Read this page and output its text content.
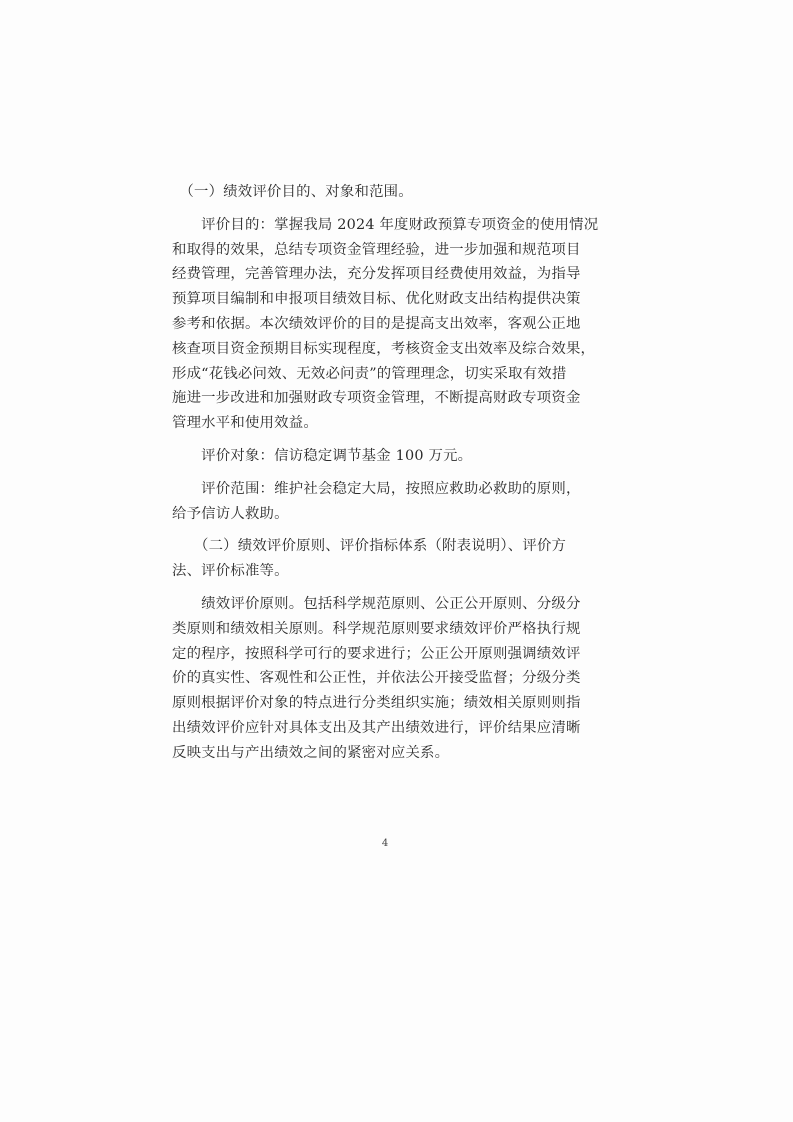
　（一）绩效评价目的、对象和范围。
　　评价目的：掌握我局 2024 年度财政预算专项资金的使用情况
和取得的效果，总结专项资金管理经验，进一步加强和规范项目
经费管理，完善管理办法，充分发挥项目经费使用效益，为指导
预算项目编制和申报项目绩效目标、优化财政支出结构提供决策
参考和依据。本次绩效评价的目的是提高支出效率，客观公正地
核查项目资金预期目标实现程度，考核资金支出效率及综合效果，
形成“花钱必问效、无效必问责”的管理理念，切实采取有效措
施进一步改进和加强财政专项资金管理，不断提高财政专项资金
管理水平和使用效益。
　　评价对象：信访稳定调节基金 100 万元。
　　评价范围：维护社会稳定大局，按照应救助必救助的原则，
给予信访人救助。
　　（二）绩效评价原则、评价指标体系（附表说明）、评价方
法、评价标准等。
　　绩效评价原则。包括科学规范原则、公正公开原则、分级分
类原则和绩效相关原则。科学规范原则要求绩效评价严格执行规
定的程序，按照科学可行的要求进行；公正公开原则强调绩效评
价的真实性、客观性和公正性，并依法公开接受监督；分级分类
原则根据评价对象的特点进行分类组织实施；绩效相关原则则指
出绩效评价应针对具体支出及其产出绩效进行，评价结果应清晰
反映支出与产出绩效之间的紧密对应关系。
4
